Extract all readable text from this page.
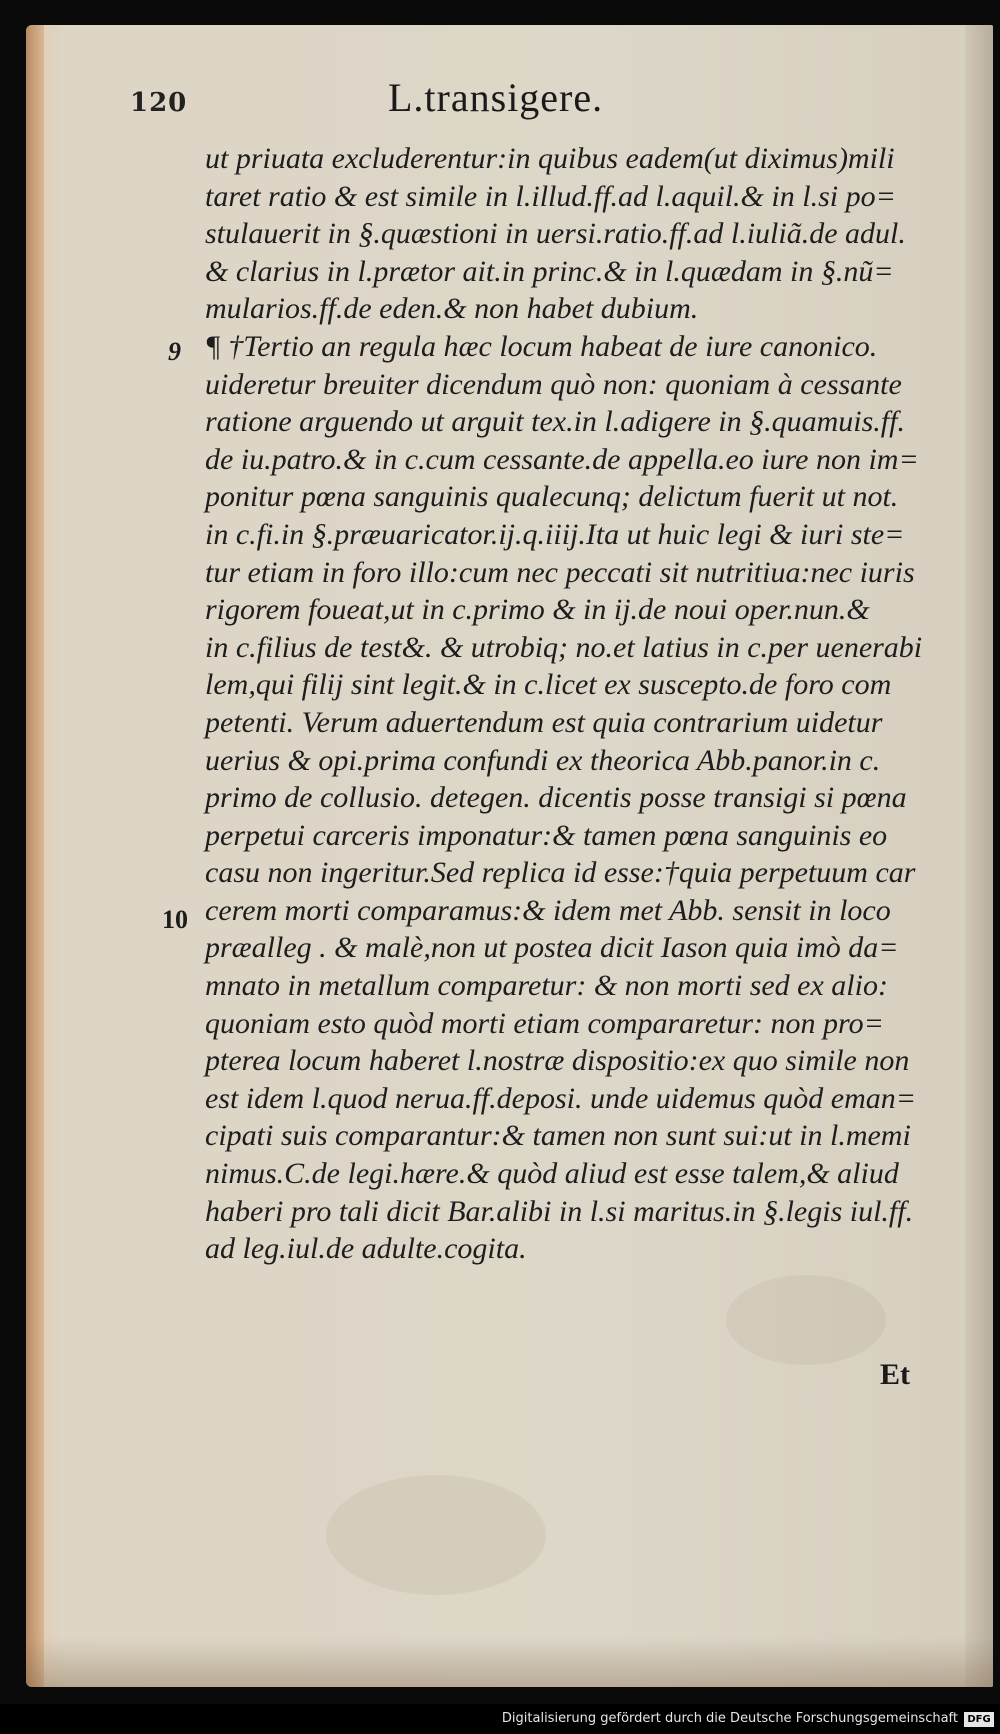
120	L.transigere.
9
10
ut priuata excluderentur:in quibus eadem(ut diximus)mili
taret ratio & est simile in l.illud.ff.ad l.aquil.& in l.si po=
stulauerit in §.quæstioni in uersi.ratio.ff.ad l.iuliã.de adul.
& clarius in l.prætor ait.in princ.& in l.quædam in §.nũ=
mularios.ff.de eden.& non habet dubium.
¶ †Tertio an regula hæc locum habeat de iure canonico.
uideretur breuiter dicendum quò non: quoniam à cessante
ratione arguendo ut arguit tex.in l.adigere in §.quamuis.ff.
de iu.patro.& in c.cum cessante.de appella.eo iure non im=
ponitur pœna sanguinis qualecunq; delictum fuerit ut not.
in c.fi.in §.præuaricator.ij.q.iiij.Ita ut huic legi & iuri ste=
tur etiam in foro illo:cum nec peccati sit nutritiua:nec iuris
rigorem foueat,ut in c.primo & in ij.de noui oper.nun.&
in c.filius de test&. & utrobiq; no.et latius in c.per uenerabi
lem,qui filij sint legit.& in c.licet ex suscepto.de foro com
petenti. Verum aduertendum est quia contrarium uidetur
uerius & opi.prima confundi ex theorica Abb.panor.in c.
primo de collusio. detegen. dicentis posse transigi si pœna
perpetui carceris imponatur:& tamen pœna sanguinis eo
casu non ingeritur.Sed replica id esse:†quia perpetuum car
cerem morti comparamus:& idem met Abb. sensit in loco
præalleg . & malè,non ut postea dicit Iason quia imò da=
mnato in metallum comparetur: & non morti sed ex alio:
quoniam esto quòd morti etiam compararetur: non pro=
pterea locum haberet l.nostræ dispositio:ex quo simile non
est idem l.quod nerua.ff.deposi. unde uidemus quòd eman=
cipati suis comparantur:& tamen non sunt sui:ut in l.memi
nimus.C.de legi.hære.& quòd aliud est esse talem,& aliud
haberi pro tali dicit Bar.alibi in l.si maritus.in §.legis iul.ff.
ad leg.iul.de adulte.cogita.
Et
Digitalisierung gefördert durch die Deutsche Forschungsgemeinschaft DFG
